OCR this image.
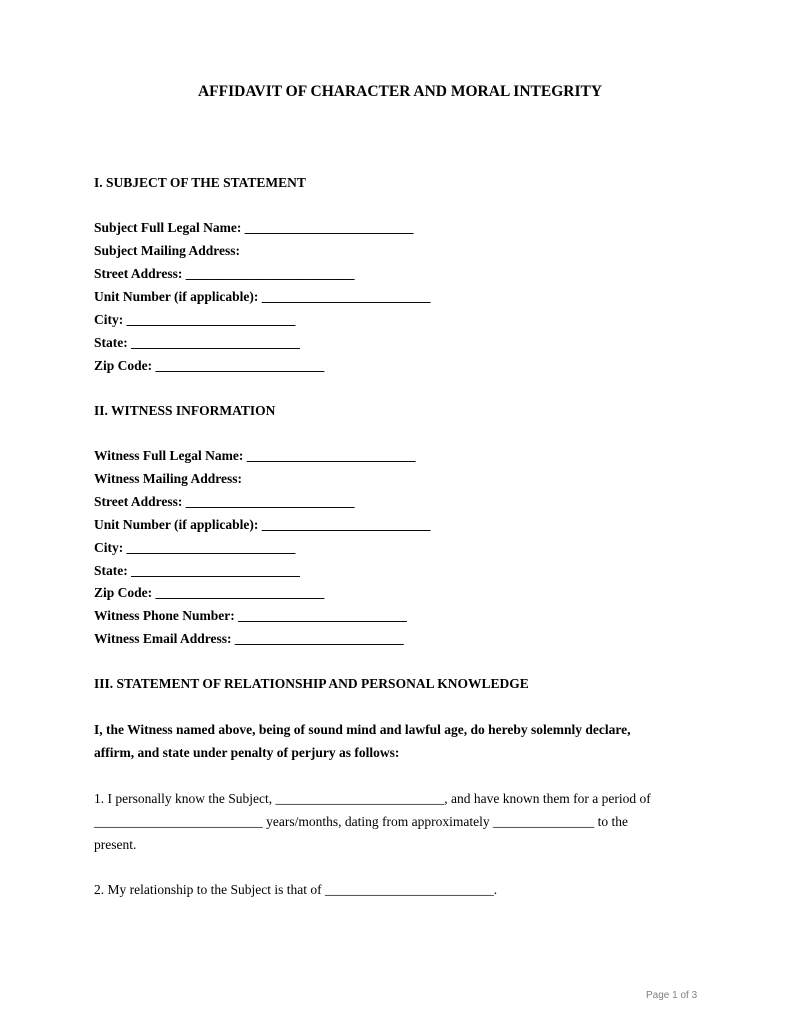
AFFIDAVIT OF CHARACTER AND MORAL INTEGRITY
I. SUBJECT OF THE STATEMENT
Subject Full Legal Name: _________________________
Subject Mailing Address:
Street Address: _________________________
Unit Number (if applicable): _________________________
City: _________________________
State: _________________________
Zip Code: _________________________
II. WITNESS INFORMATION
Witness Full Legal Name: _________________________
Witness Mailing Address:
Street Address: _________________________
Unit Number (if applicable): _________________________
City: _________________________
State: _________________________
Zip Code: _________________________
Witness Phone Number: _________________________
Witness Email Address: _________________________
III. STATEMENT OF RELATIONSHIP AND PERSONAL KNOWLEDGE
I, the Witness named above, being of sound mind and lawful age, do hereby solemnly declare,
affirm, and state under penalty of perjury as follows:
1. I personally know the Subject, _________________________, and have known them for a period of
_________________________ years/months, dating from approximately _______________ to the
present.
2. My relationship to the Subject is that of _________________________.
Page 1 of 3
